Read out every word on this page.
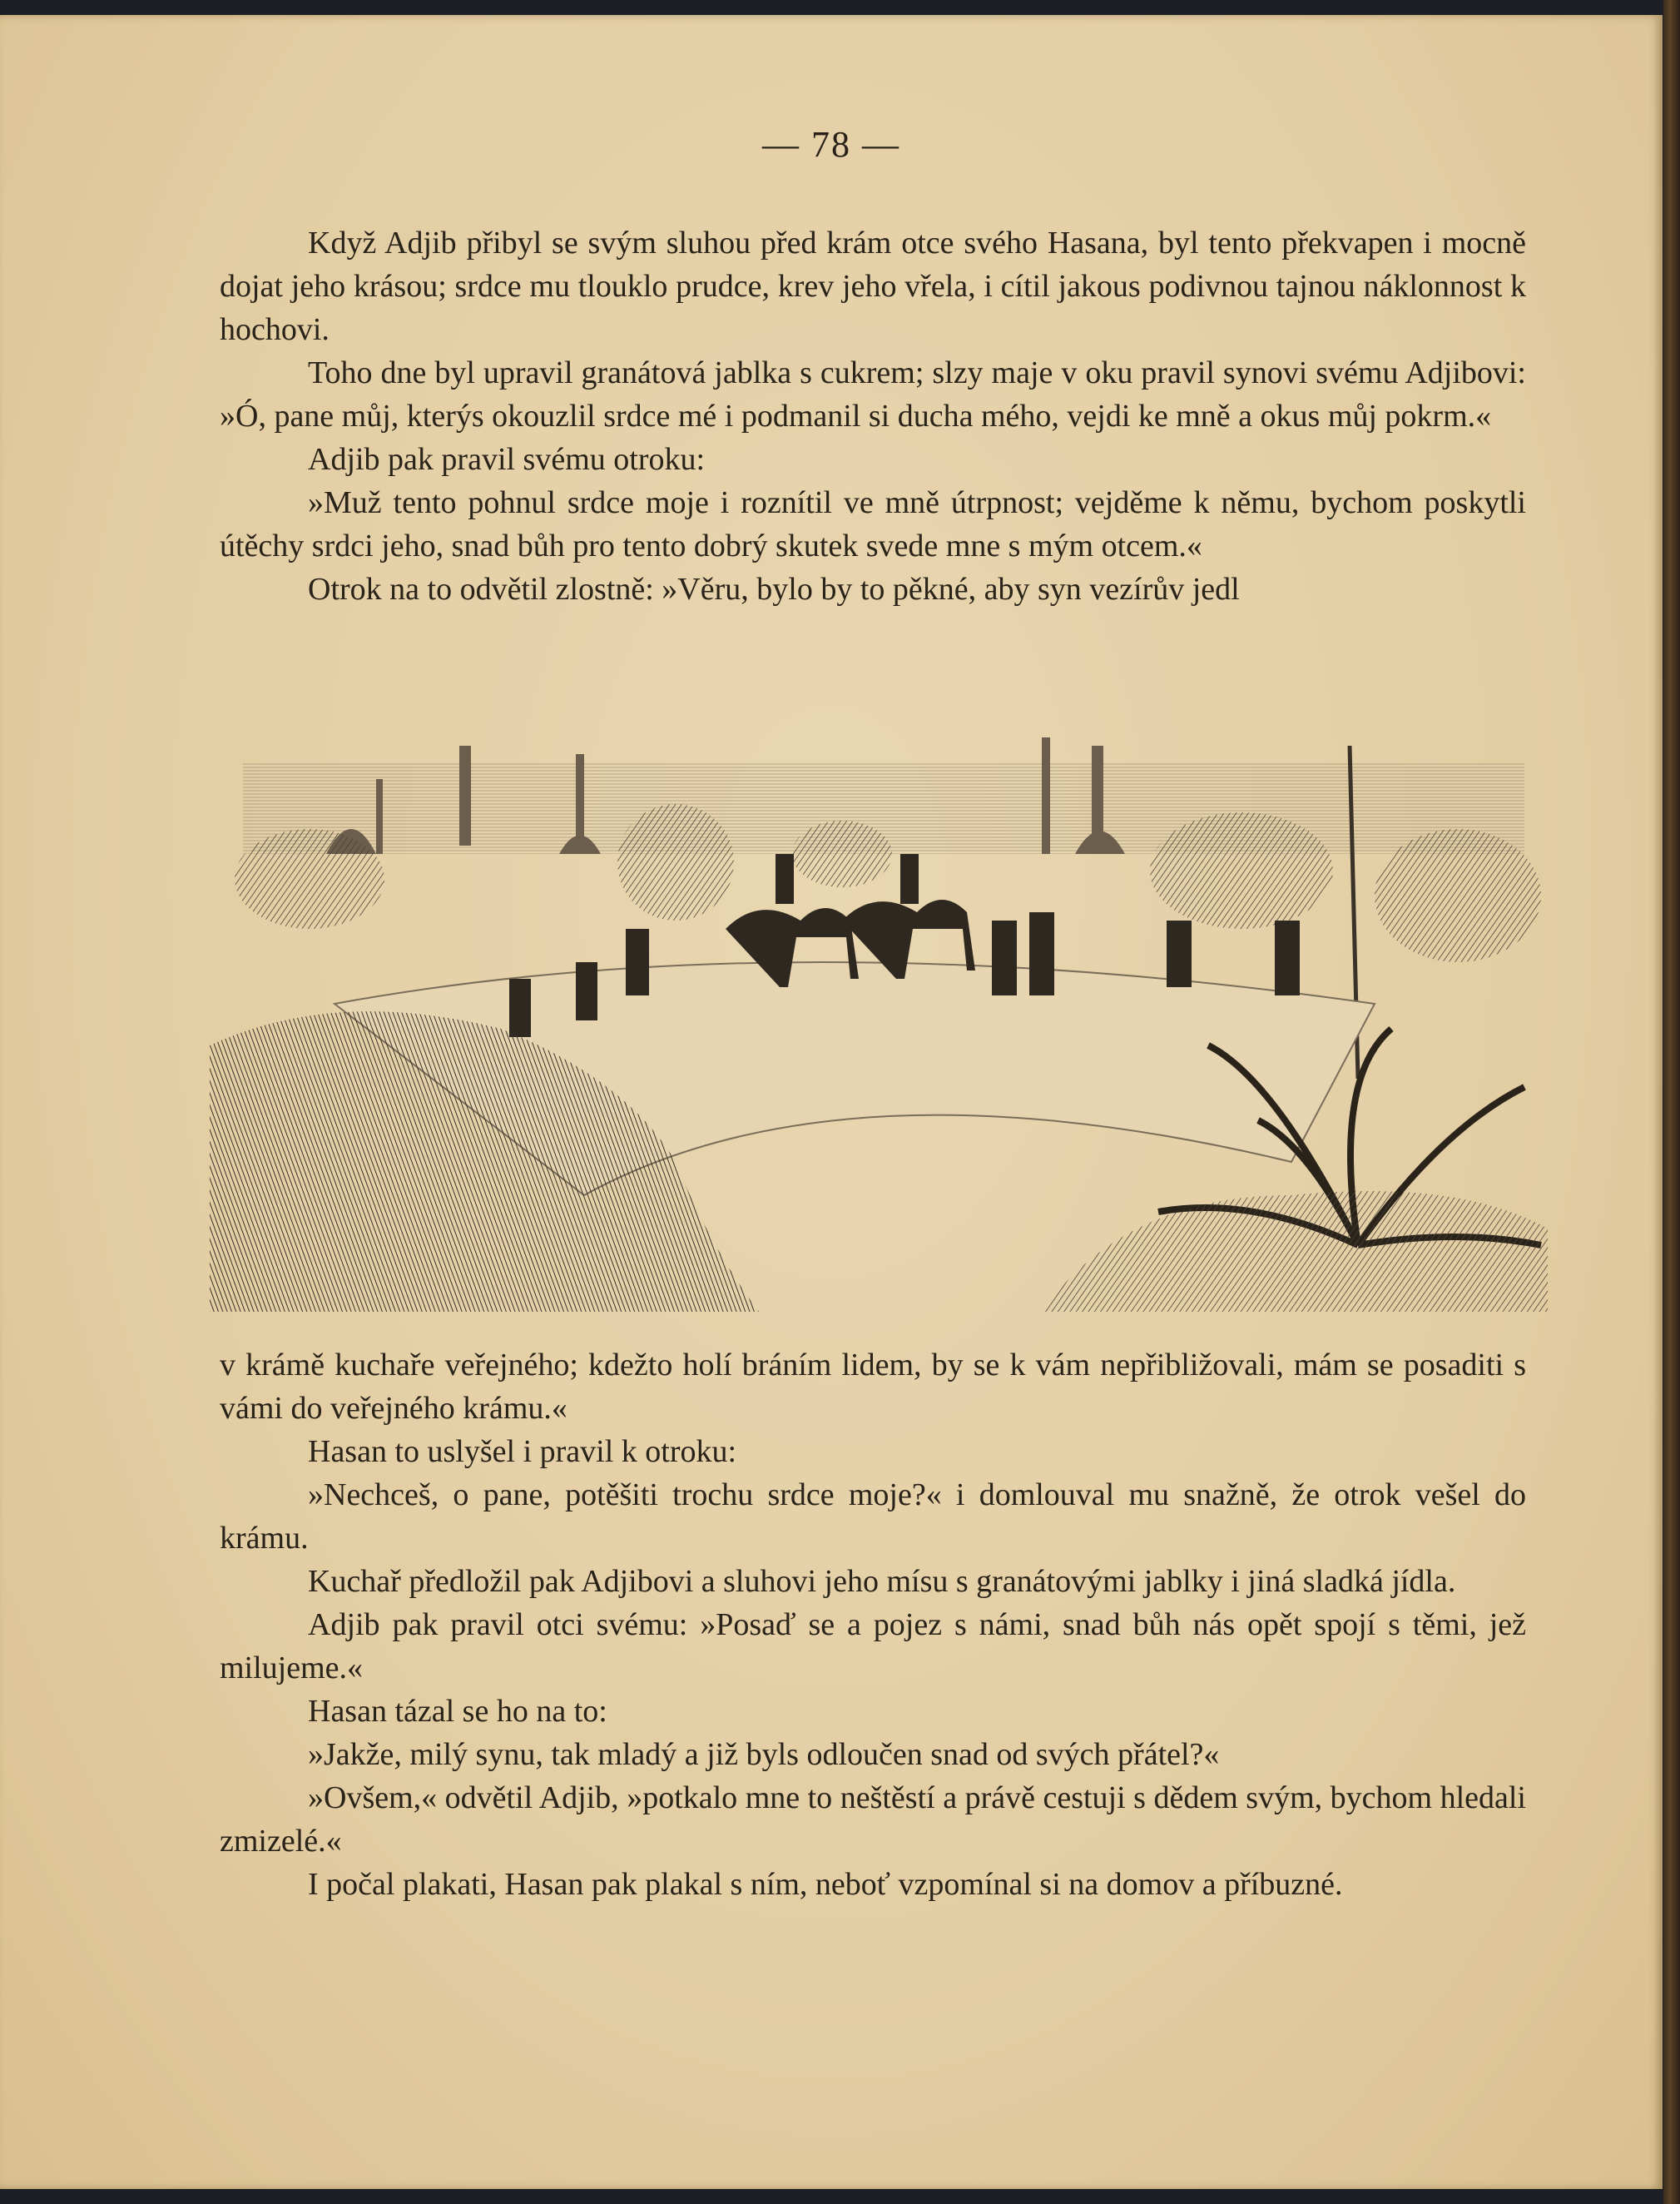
— 78 —

Když Adjib přibyl se svým sluhou před krám otce svého Hasana, byl tento překvapen i mocně dojat jeho krásou; srdce mu tlouklo prudce, krev jeho vřela, i cítil jakous podivnou tajnou náklonnost k hochovi.

Toho dne byl upravil granátová jablka s cukrem; slzy maje v oku pravil synovi svému Adjibovi: »Ó, pane můj, kterýs okouzlil srdce mé i podmanil si ducha mého, vejdi ke mně a okus můj pokrm.«

Adjib pak pravil svému otroku:

»Muž tento pohnul srdce moje i roznítil ve mně útrpnost; vejděme k němu, bychom poskytli útěchy srdci jeho, snad bůh pro tento dobrý skutek svede mne s mým otcem.«

Otrok na to odvětil zlostně: »Věru, bylo by to pěkné, aby syn vezírův jedl

v krámě kuchaře veřejného; kdežto holí bráním lidem, by se k vám nepřibližovali, mám se posaditi s vámi do veřejného krámu.«

Hasan to uslyšel i pravil k otroku:

»Nechceš, o pane, potěšiti trochu srdce moje?« i domlouval mu snažně, že otrok vešel do krámu.

Kuchař předložil pak Adjibovi a sluhovi jeho mísu s granátovými jablky i jiná sladká jídla.

Adjib pak pravil otci svému: »Posaď se a pojez s námi, snad bůh nás opět spojí s těmi, jež milujeme.«

Hasan tázal se ho na to:

»Jakže, milý synu, tak mladý a již byls odloučen snad od svých přátel?«

»Ovšem,« odvětil Adjib, »potkalo mne to neštěstí a právě cestuji s dědem svým, bychom hledali zmizelé.«

I počal plakati, Hasan pak plakal s ním, neboť vzpomínal si na domov a příbuzné.
